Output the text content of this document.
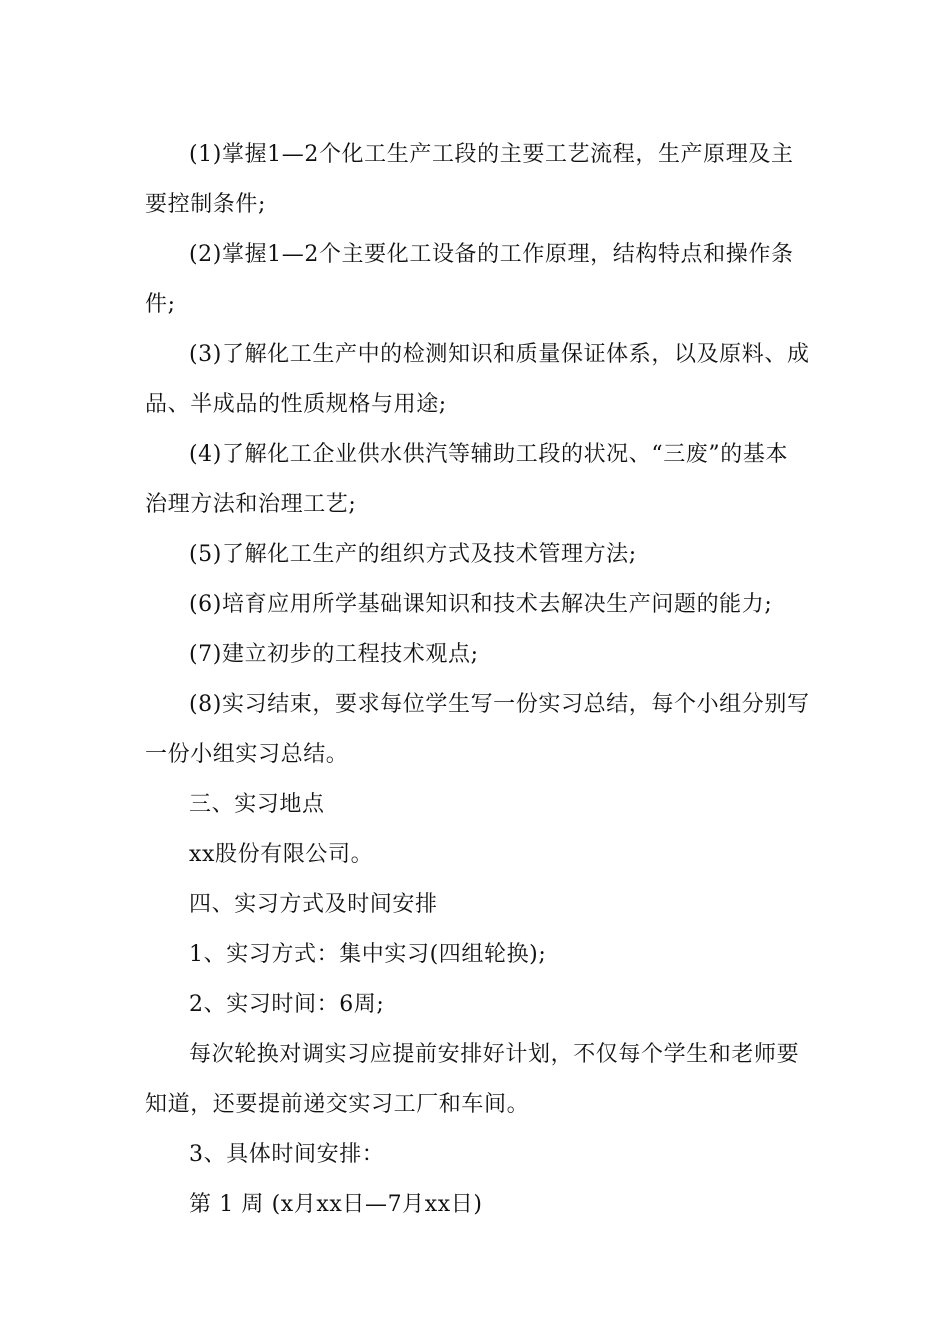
(1)掌握1—2个化工生产工段的主要工艺流程，生产原理及主要控制条件;

(2)掌握1—2个主要化工设备的工作原理，结构特点和操作条件;

(3)了解化工生产中的检测知识和质量保证体系，以及原料、成品、半成品的性质规格与用途;

(4)了解化工企业供水供汽等辅助工段的状况、“三废”的基本治理方法和治理工艺;

(5)了解化工生产的组织方式及技术管理方法;

(6)培育应用所学基础课知识和技术去解决生产问题的能力;

(7)建立初步的工程技术观点;

(8)实习结束，要求每位学生写一份实习总结，每个小组分别写一份小组实习总结。

三、实习地点

xx股份有限公司。

四、实习方式及时间安排

1、实习方式：集中实习(四组轮换);

2、实习时间：6周;

每次轮换对调实习应提前安排好计划，不仅每个学生和老师要知道，还要提前递交实习工厂和车间。

3、具体时间安排：

第 1 周 (x月xx日—7月xx日)
